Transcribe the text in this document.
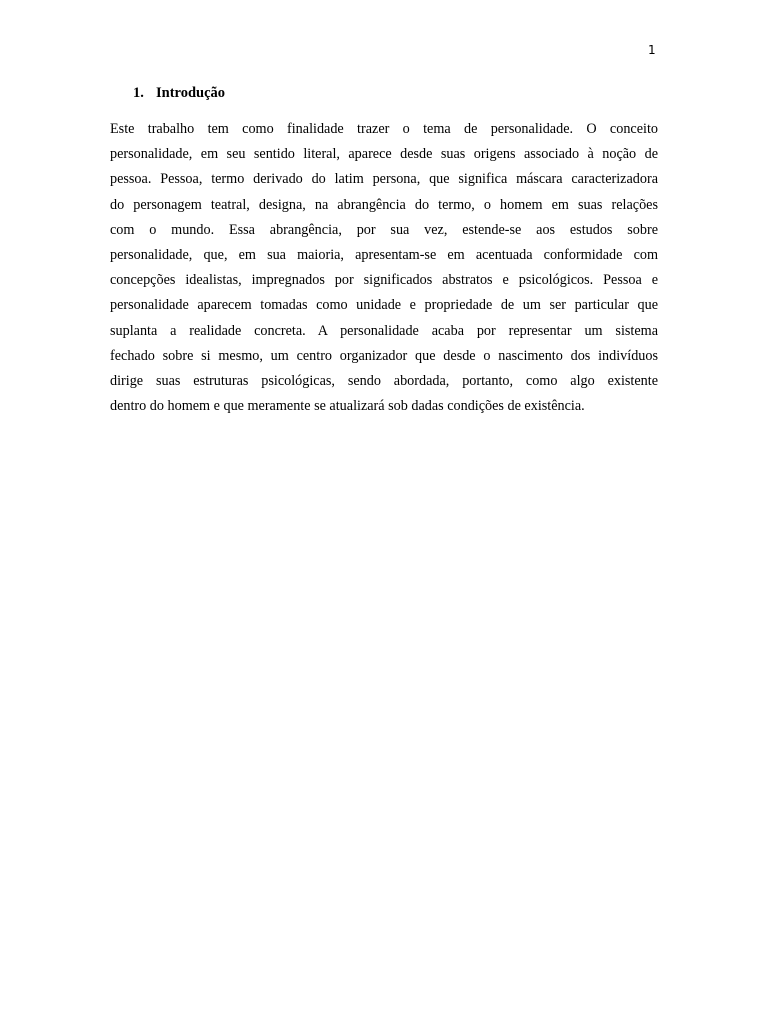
1
1. Introdução
Este trabalho tem como finalidade trazer o tema de personalidade. O conceito
personalidade, em seu sentido literal, aparece desde suas origens associado à noção de
pessoa. Pessoa, termo derivado do latim persona, que significa máscara caracterizadora
do personagem teatral, designa, na abrangência do termo, o homem em suas relações
com o mundo. Essa abrangência, por sua vez, estende-se aos estudos sobre
personalidade, que, em sua maioria, apresentam-se em acentuada conformidade com
concepções idealistas, impregnados por significados abstratos e psicológicos. Pessoa e
personalidade aparecem tomadas como unidade e propriedade de um ser particular que
suplanta a realidade concreta. A personalidade acaba por representar um sistema
fechado sobre si mesmo, um centro organizador que desde o nascimento dos indivíduos
dirige suas estruturas psicológicas, sendo abordada, portanto, como algo existente
dentro do homem e que meramente se atualizará sob dadas condições de existência.
